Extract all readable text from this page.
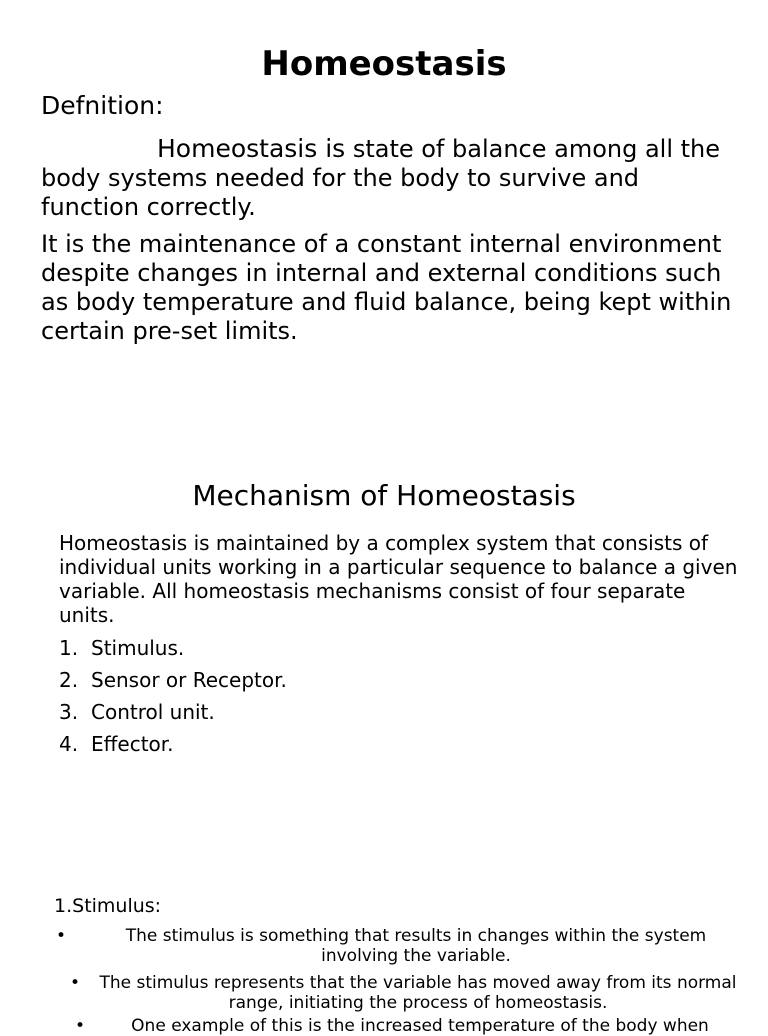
Homeostasis
Defnition:

Homeostasis is state of balance among all the body systems needed for the body to survive and function correctly.

It is the maintenance of a constant internal environment despite changes in internal and external conditions such as body temperature and fluid balance, being kept within certain pre-set limits.

Mechanism of Homeostasis

Homeostasis is maintained by a complex system that consists of individual units working in a particular sequence to balance a given variable. All homeostasis mechanisms consist of four separate units.

1. Stimulus.
2. Sensor or Receptor.
3. Control unit.
4. Effector.
1.Stimulus:
•	The stimulus is something that results in changes within the system involving the variable.
•	The stimulus represents that the variable has moved away from its normal range, initiating the process of homeostasis.
•	One example of this is the increased temperature of the body when
